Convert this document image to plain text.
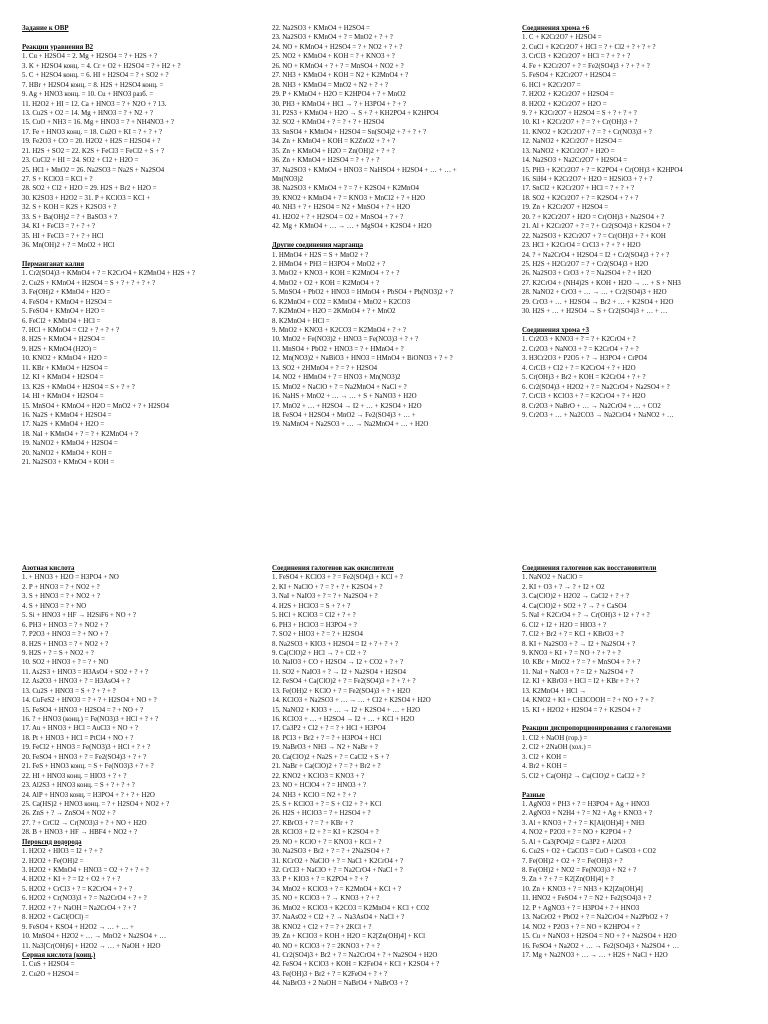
Задание к ОВР
Реакции уравнения В2
1. Cu + H2SO4 = 2. Mg + H2SO4 = ? + H2S + ?
3. K + H2SO4 конц. = 4. Cr + O2 + H2SO4 = ? + H2 + ?
5. C + H2SO4 конц. = 6. HI + H2SO4 = ? + SO2 + ?
7. HBr + H2SO4 конц. = 8. H2S + H2SO4 конц. =
9. Ag + HNO3 конц. = 10. Cu + HNO3 разб. =
11. H2O2 + HI = 12. Ca + HNO3 = ? + N2O + ? 13.
13. Cu2S + O2 = 14. Mg + HNO3 = ? + N2 + ?
15. CuO + NH3 = 16. Mg + HNO3 = ? + NH4NO3 + ?
17. Fe + HNO3 конц. = 18. Cu2O + KI = ? + ? + ?
19. Fe2O3 + CO = 20. H2O2 + H2S = H2SO4 + ?
21. H2S + SO2 = 22. K2S + FeCl3 = FeCl2 + S + ?
23. CuCl2 + HI = 24. SO2 + Cl2 + H2O =
25. HCl + MnO2 = 26. Na2SO3 = Na2S + Na2SO4
27. S + KClO3 = KCl + ?
28. SO2 + Cl2 + H2O = 29. H2S + Br2 + H2O =
30. K2SO3 + H2O2 = 31. P + KClO3 = KCl +
32. S + KOH = K2S + K2SO3 + ?
33. S + Ba(OH)2 = ? + BaSO3 + ?
34. KI + FeCl3 = ? + ? + ?
35. HI + FeCl3 = ? + ? + HCl
36. Mn(OH)2 + ? = MnO2 + HCl
Перманганат калия
1. Cr2(SO4)3 + KMnO4 + ? = K2CrO4 + K2MnO4 + H2S + ?
2. Cu2S + KMnO4 + H2SO4 = S + ? + ? + ? + ?
3. Fe(OH)2 + KMnO4 + H2O =
4. FeSO4 + KMnO4 + H2SO4 =
5. FeSO4 + KMnO4 + H2O =
6. FeCl2 + KMnO4 + HCl =
7. HCl + KMnO4 = Cl2 + ? + ? + ?
8. H2S + KMnO4 + H2SO4 =
9. H2S + KMnO4 (H2O) =
10. KNO2 + KMnO4 + H2O =
11. KBr + KMnO4 + H2SO4 =
12. KI + KMnO4 + H2SO4 =
13. K2S + KMnO4 + H2SO4 = S + ? + ?
14. HI + KMnO4 + H2SO4 =
15. MnSO4 + KMnO4 + H2O = MnO2 + ? + H2SO4
16. Na2S + KMnO4 + H2SO4 =
17. Na2S + KMnO4 + H2O =
18. NaI + KMnO4 + ? = ? + K2MnO4 + ?
19. NaNO2 + KMnO4 + H2SO4 =
20. NaNO2 + KMnO4 + KOH =
21. Na2SO3 + KMnO4 + KOH =
22. Na2SO3 + KMnO4 + H2SO4 =
23. Na2SO3 + KMnO4 + ? = MnO2 + ? + ?
24. NO + KMnO4 + H2SO4 = ? + NO2 + ? + ?
25. NO2 + KMnO4 + KOH = ? + KNO3 + ?
26. NO + KMnO4 + ? + ? = MnSO4 + NO2 + ?
27. NH3 + KMnO4 + KOH = N2 + K2MnO4 + ?
28. NH3 + KMnO4 = MnO2 + N2 + ? + ?
29. P + KMnO4 + H2O = K2HPO4 + ? + MnO2
30. PH3 + KMnO4 + HCl → ? + H3PO4 + ? + ?
31. P2S3 + KMnO4 + H2O → S + ? + KH2PO4 + K2HPO4
32. SO2 + KMnO4 + ? = ? + ? + H2SO4
33. SnSO4 + KMnO4 + H2SO4 = Sn(SO4)2 + ? + ? + ?
34. Zn + KMnO4 + KOH = K2ZnO2 + ? + ?
35. Zn + KMnO4 + H2O = Zn(OH)2 + ? + ?
36. Zn + KMnO4 + H2SO4 = ? + ? + ?
37. Na2SO3 + KMnO4 + HNO3 = NaHSO4 + H2SO4 + … + … +
Mn(NO3)2
38. Na2SO3 + KMnO4 + ? = ? + K2SO4 + K2MnO4
39. KNO2 + KMnO4 + ? = KNO3 + MnCl2 + ? + H2O
40. NH3 + ? + H2SO4 = N2 + MnSO4 + ? + H2O
41. H2O2 + ? + H2SO4 = O2 + MnSO4 + ? + ?
42. Mg + KMnO4 + … → … + MgSO4 + K2SO4 + H2O
Другие соединения марганца
1. HMnO4 + H2S = S + MnO2 + ?
2. HMnO4 + PH3 = H3PO4 + MnO2 + ?
3. MnO2 + KNO3 + KOH = K2MnO4 + ? + ?
4. MnO2 + O2 + KOH = K2MnO4 + ?
5. MnSO4 + PbO2 + HNO3 = HMnO4 + PbSO4 + Pb(NO3)2 + ?
6. K2MnO4 + CO2 = KMnO4 + MnO2 + K2CO3
7. K2MnO4 + H2O = 2KMnO4 + ? + MnO2
8. K2MnO4 + HCl =
9. MnO2 + KNO3 + K2CO3 = K2MnO4 + ? + ?
10. MnO2 + Fe(NO3)2 + HNO3 = Fe(NO3)3 + ? + ?
11. MnSO4 + PbO2 + HNO3 = ? + HMnO4 + ?
12. Mn(NO3)2 + NaBiO3 + HNO3 = HMnO4 + BiONO3 + ? + ?
13. SO2 + 2HMnO4 + ? = ? + H2SO4
14. NO2 + HMnO4 + ? = HNO3 + Mn(NO3)2
15. MnO2 + NaClO + ? = Na2MnO4 + NaCl + ?
16. NaHS + MnO2 + … → … + S + NaNO3 + H2O
17. MnO2 + … + H2SO4 → I2 + … + K2SO4 + H2O
18. FeSO4 + H2SO4 + MnO2 → Fe2(SO4)3 + … +
19. NaMnO4 + Na2SO3 + … → Na2MnO4 + … + H2O
Соединения хрома +6
1. C + K2Cr2O7 + H2SO4 =
2. CuCl + K2Cr2O7 + HCl = ? + Cl2 + ? + ? + ?
3. CrCl3 + K2Cr2O7 + HCl = ? + ? + ?
4. Fe + K2Cr2O7 + ? = Fe2(SO4)3 + ? + ? + ?
5. FeSO4 + K2Cr2O7 + H2SO4 =
6. HCl + K2Cr2O7 =
7. H2O2 + K2Cr2O7 + H2SO4 =
8. H2O2 + K2Cr2O7 + H2O =
9. ? + K2Cr2O7 + H2SO4 = S + ? + ? + ?
10. KI + K2Cr2O7 + ? = ? + Cr(OH)3 + ?
11. KNO2 + K2Cr2O7 + ? = ? + Cr(NO3)3 + ?
12. NaNO2 + K2Cr2O7 + H2SO4 =
13. NaNO2 + K2Cr2O7 + H2O =
14. Na2SO3 + Na2Cr2O7 + H2SO4 =
15. PH3 + K2Cr2O7 + ? = K2PO4 + Cr(OH)3 + K2HPO4
16. SiH4 + K2Cr2O7 + H2O = H2SiO3 + ? + ?
17. SnCl2 + K2Cr2O7 + HCl = ? + ? + ?
18. SO2 + K2Cr2O7 + ? = K2SO4 + ? + ?
19. Zn + K2Cr2O7 + H2SO4 =
20. ? + K2Cr2O7 + H2O = Cr(OH)3 + Na2SO4 + ?
21. Al + K2Cr2O7 + ? = ? + Cr2(SO4)3 + K2SO4 + ?
22. Na2SO3 + K2Cr2O7 + ? = Cr(OH)3 + ? + KOH
23. HCl + K2CrO4 = CrCl3 + ? + ? + H2O
24. ? + Na2CrO4 + H2SO4 = I2 + Cr2(SO4)3 + ? + ?
25. H2S + H2Cr2O7 = ? + Cr2(SO4)3 + H2O
26. Na2SO3 + CrO3 + ? = Na2SO4 + ? + H2O
27. K2CrO4 + (NH4)2S + KOH + H2O → … + S + NH3
28. NaNO2 + CrO3 + … → … + Cr2(SO4)3 + H2O
29. CrO3 + … + H2SO4 → Br2 + … + K2SO4 + H2O
30. H2S + … + H2SO4 → S + Cr2(SO4)3 + … + …
Соединения хрома +3
1. Cr2O3 + KNO3 + ? = ? + K2CrO4 + ?
2. Cr2O3 + NaNO3 + ? = K2CrO4 + ? + ?
3. H3Cr2O3 + P2O5 + ? → H3PO4 + CrPO4
4. CrCl3 + Cl2 + ? = K2CrO4 + ? + H2O
5. Cr(OH)3 + Br2 + KOH = K2CrO4 + ? + ?
6. Cr2(SO4)3 + H2O2 + ? = Na2CrO4 + Na2SO4 + ?
7. CrCl3 + KClO3 + ? = K2CrO4 + ? + H2O
8. Cr2O3 + NaBrO + … → Na2CrO4 + … + CO2
9. Cr2O3 + … + Na2CO3 → Na2CrO4 + NaNO2 + …
Азотная кислота
1. + HNO3 + H2O = H3PO4 + NO
2. P + HNO3 = ? + NO2 + ?
3. S + HNO3 = ? + NO2 + ?
4. S + HNO3 = ? + NO
5. Si + HNO3 + HF → H2SiF6 + NO + ?
6. PH3 + HNO3 = ? + NO2 + ?
7. P2O3 + HNO3 = ? + NO + ?
8. H2S + HNO3 = ? + NO2 + ?
9. H2S + ? = S + NO2 + ?
10. SO2 + HNO3 + ? = ? + NO
11. As2S3 + HNO3 = H3AsO4 + SO2 + ? + ?
12. As2O3 + HNO3 + ? = H3AsO4 + ?
13. Cu2S + HNO3 = S + ? + ? + ?
14. CuFeS2 + HNO3 = ? + ? + H2SO4 + NO + ?
15. FeSO4 + HNO3 + H2SO4 = ? + NO + ?
16. ? + HNO3 (конц.) = Fe(NO3)3 + HCl + ? + ?
17. Au + HNO3 + HCl = AuCl3 + NO + ?
18. Pt + HNO3 + HCl = PtCl4 + NO + ?
19. FeCl2 + HNO3 = Fe(NO3)3 + HCl + ? + ?
20. FeSO4 + HNO3 + ? = Fe2(SO4)3 + ? + ?
21. FeS + HNO3 конц. = S + Fe(NO3)3 + ? + ?
22. HI + HNO3 конц. = HIO3 + ? + ?
23. Al2S3 + HNO3 конц. = S + ? + ? + ?
24. AlP + HNO3 конц. = H3PO4 + ? + ? + H2O
25. Ca(HS)2 + HNO3 конц. = ? + H2SO4 + NO2 + ?
26. ZnS + ? → ZnSO4 + NO2 + ?
27. ? + CrCl2 → Cr(NO3)3 + ? + NO + H2O
28. B + HNO3 + HF → HBF4 + NO2 + ?
Пероксид водорода
1. H2O2 + HIO3 = I2 + ? + ?
2. H2O2 + Fe(OH)2 =
3. H2O2 + KMnO4 + HNO3 = O2 + ? + ? + ?
4. H2O2 + KI + ? = I2 + O2 + ? + ?
5. H2O2 + CrCl3 + ? = K2CrO4 + ? + ?
6. H2O2 + Cr(NO3)3 + ? = Na2CrO4 + ? + ?
7. H2O2 + ? + NaOH = Na2CrO4 + ? + ?
8. H2O2 + CaCl(OCl) =
9. FeSO4 + KSO4 + H2O2 → … + … +
10. MnSO4 + H2O2 + … → MnO2 + Na2SO4 + …
11. Na3[Cr(OH)6] + H2O2 → … + NaOH + H2O
Серная кислота (конц.)
1. CuS + H2SO4 =
2. Cu2O + H2SO4 =
Соединения галогенов как окислители
1. FeSO4 + KClO3 + ? = Fe2(SO4)3 + KCl + ?
2. KI + NaClO + ? = ? + ? + K2SO4 + ?
3. NaI + NaIO3 + ? = ? + Na2SO4 + ?
4. H2S + HClO3 = S + ? + ?
5. HCl + KClO3 = Cl2 + ? + ?
6. PH3 + HClO3 = H3PO4 + ?
7. SO2 + HIO3 + ? = ? + H2SO4
8. Na2SO3 + KIO3 + H2SO4 = I2 + ? + ? + ?
9. Ca(ClO)2 + HCl → ? + Cl2 + ?
10. NaIO3 + CO + H2SO4 → I2 + CO2 + ? + ?
11. SO2 + NaIO3 + ? → I2 + Na2SO4 + H2SO4
12. FeSO4 + Ca(ClO)2 + ? = Fe2(SO4)3 + ? + ? + ?
13. Fe(OH)2 + KClO + ? = Fe2(SO4)3 + ? + H2O
14. KClO3 + Na2SO3 + … → … + Cl2 + K2SO4 + H2O
15. NaNO2 + KIO3 + … → I2 + K2SO4 + … + H2O
16. KClO3 + … + H2SO4 → I2 + … + KCl + H2O
17. Ca3P2 + Cl2 + ? = ? + HCl + H3PO4
18. PCl3 + Br2 + ? = ? + H3PO4 + HCl
19. NaBrO3 + NH3 → N2 + NaBr + ?
20. Ca(ClO)2 + Na2S + ? = CaCl2 + S + ?
21. NaBr + Ca(ClO)2 + ? = ? + Br2 + ?
22. KNO2 + KClO3 = KNO3 + ?
23. NO + HClO4 + ? = HNO3 + ?
24. NH3 + KClO = N2 + ? + ?
25. S + KClO3 + ? = S + Cl2 + ? + KCl
26. H2S + HClO3 = ? + H2SO4 + ?
27. KBrO3 + ? = ? + KBr + ?
28. KClO3 + I2 + ? = KI + K2SO4 + ?
29. NO + KClO + ? = KNO3 + KCl + ?
30. Na2SO3 + Br2 + ? = ? + 2Na2SO4 + ?
31. KCrO2 + NaClO + ? = NaCl + K2CrO4 + ?
32. CrCl3 + NaClO + ? = Na2CrO4 + NaCl + ?
33. P + KIO3 + ? = K2PO4 + ? + ?
34. MnO2 + KClO3 + ? = K2MnO4 + KCl + ?
35. NO + KClO3 + ? → KNO3 + ? + ?
36. MnO2 + KClO3 + K2CO3 = K2MnO4 + KCl + CO2
37. NaAsO2 + Cl2 + ? → Na3AsO4 + NaCl + ?
38. KNO2 + Cl2 + ? = ? + 2KCl + ?
39. Zn + KClO3 + KOH + H2O = K2[Zn(OH)4] + KCl
40. NO + KClO3 + ? = 2KNO3 + ? + ?
41. Cr2(SO4)3 + Br2 + ? = Na2CrO4 + ? + Na2SO4 + H2O
42. FeSO4 + KClO3 + KOH = K2FeO4 + KCl + K2SO4 + ?
43. Fe(OH)3 + Br2 + ? = K2FeO4 + ? + ?
44. NaBrO3 + 2 NaOH = NaBrO4 + NaBrO3 + ?
Соединения галогенов как восстановители
1. NaNO2 + NaClO =
2. KI + O3 + ? → ? + I2 + O2
3. Ca(ClO)2 + H2O2 → CaCl2 + ? + ?
4. Ca(ClO)2 + SO2 + ? → ? + CaSO4
5. NaI + K2CrO4 + ? → Cr(OH)3 + I2 + ? + ?
6. Cl2 + I2 + H2O = HIO3 + ?
7. Cl2 + Br2 + ? = KCl + KBrO3 + ?
8. KI + Na2SO3 + ? → I2 + Na2SO4 + ?
9. KNO3 + KI + ? = NO + ? + ? + ?
10. KBr + MnO2 + ? = ? + MnSO4 + ? + ?
11. NaI + NaIO3 + ? = I2 + Na2SO4 + ?
12. KI + KBrO3 + HCl = I2 + KBr + ? + ?
13. K2MnO4 + HCl →
14. KNO2 + KI + CH3COOH = ? + NO + ? + ?
15. KI + H2O2 + H2SO4 = ? + K2SO4 + ?
Реакции диспропорционирования с галогенами
1. Cl2 + NaOH (гор.) =
2. Cl2 + 2NaOH (хол.) =
3. Cl2 + KOH =
4. Br2 + KOH =
5. Cl2 + Ca(OH)2 → Ca(ClO)2 + CaCl2 + ?
Разные
1. AgNO3 + PH3 + ? = H3PO4 + Ag + HNO3
2. AgNO3 + N2H4 + ? = N2 + Ag + KNO3 + ?
3. Al + KNO3 + ? + ? = K[Al(OH)4] + NH3
4. NO2 + P2O3 + ? = NO + K2PO4 + ?
5. Al + Ca3(PO4)2 = Ca3P2 + Al2O3
6. Cu2S + O2 + CaCO3 = CuO + CaSO3 + CO2
7. Fe(OH)2 + O2 + ? = Fe(OH)3 + ?
8. Fe(OH)2 + NO2 = Fe(NO3)3 + N2 + ?
9. Zn + ? + ? = K2[Zn(OH)4] + ?
10. Zn + KNO3 + ? = NH3 + K2[Zn(OH)4]
11. HNO2 + FeSO4 + ? = N2 + Fe2(SO4)3 + ?
12. P + AgNO3 + ? = H3PO4 + ? + HNO3
13. NaCrO2 + PbO2 + ? = Na2CrO4 + Na2PbO2 + ?
14. NO2 + P2O3 + ? = NO + K2HPO4 + ?
15. Cu + NaNO3 + H2SO4 = NO + ? + Na2SO4 + H2O
16. FeSO4 + Na2O2 + … → Fe2(SO4)3 + Na2SO4 + …
17. Mg + Na2NO3 + … → … + H2S + NaCl + H2O
